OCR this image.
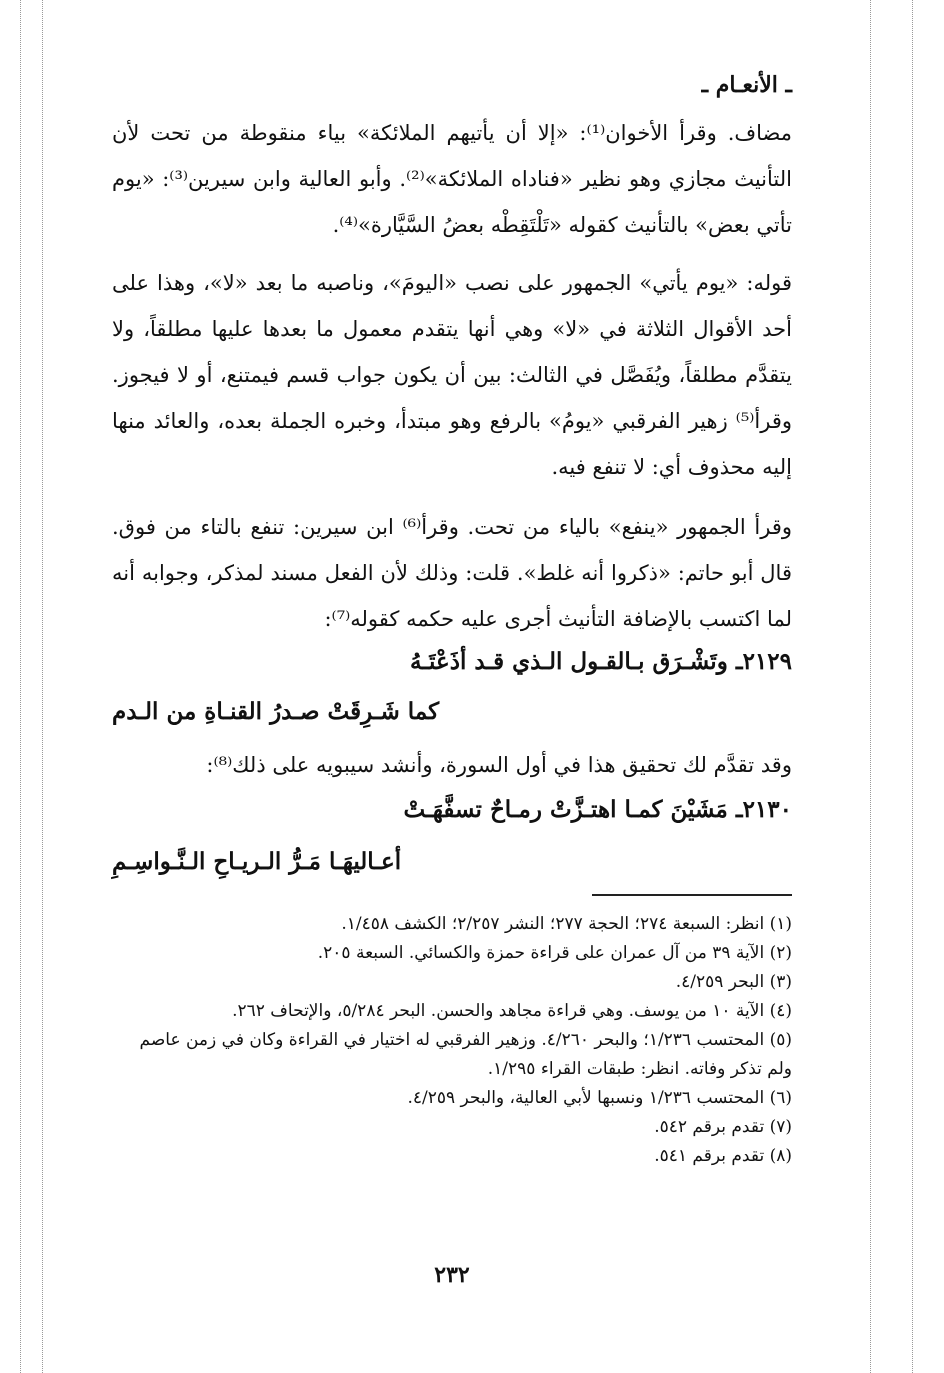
ـ الأنعـام ـ
مضاف. وقرأ الأخوان⁽¹⁾: «إلا أن يأتيهم الملائكة» بياء منقوطة من تحت لأن التأنيث مجازي وهو نظير «فناداه الملائكة»⁽²⁾. وأبو العالية وابن سيرين⁽³⁾: «يوم تأتي بعض» بالتأنيث كقوله «تَلْتَقِطْه بعضُ السَّيَّارة»⁽⁴⁾.
قوله: «يوم يأتي» الجمهور على نصب «اليومَ»، وناصبه ما بعد «لا»، وهذا على أحد الأقوال الثلاثة في «لا» وهي أنها يتقدم معمول ما بعدها عليها مطلقاً، ولا يتقدَّم مطلقاً، ويُفَصَّل في الثالث: بين أن يكون جواب قسم فيمتنع، أو لا فيجوز. وقرأ⁽⁵⁾ زهير الفرقبي «يومُ» بالرفع وهو مبتدأ، وخبره الجملة بعده، والعائد منها إليه محذوف أي: لا تنفع فيه.
وقرأ الجمهور «ينفع» بالياء من تحت. وقرأ⁽⁶⁾ ابن سيرين: تنفع بالتاء من فوق. قال أبو حاتم: «ذكروا أنه غلط». قلت: وذلك لأن الفعل مسند لمذكر، وجوابه أنه لما اكتسب بالإضافة التأنيث أجرى عليه حكمه كقوله⁽⁷⁾:
٢١٢٩ـ وتَشْـرَق بـالقـول الـذي قـد أذَعْتَـهُ
كما شَـرِقَتْ صـدرُ القنـاةِ من الـدم
وقد تقدَّم لك تحقيق هذا في أول السورة، وأنشد سيبويه على ذلك⁽⁸⁾:
٢١٣٠ـ مَشَيْنَ كمـا اهتـزَّتْ رمـاحٌ تسفَّهَـتْ
أعـاليهَـا مَـرُّ الـريـاحِ الـنَّـواسِـمِ
(١) انظر: السبعة ٢٧٤؛ الحجة ٢٧٧؛ النشر ٢/٢٥٧؛ الكشف ١/٤٥٨.
(٢) الآية ٣٩ من آل عمران على قراءة حمزة والكسائي. السبعة ٢٠٥.
(٣) البحر ٤/٢٥٩.
(٤) الآية ١٠ من يوسف. وهي قراءة مجاهد والحسن. البحر ٥/٢٨٤، والإتحاف ٢٦٢.
(٥) المحتسب ١/٢٣٦؛ والبحر ٤/٢٦٠. وزهير الفرقبي له اختيار في القراءة وكان في زمن عاصم ولم تذكر وفاته. انظر: طبقات القراء ١/٢٩٥.
(٦) المحتسب ١/٢٣٦ ونسبها لأبي العالية، والبحر ٤/٢٥٩.
(٧) تقدم برقم ٥٤٢.
(٨) تقدم برقم ٥٤١.
٢٣٢
